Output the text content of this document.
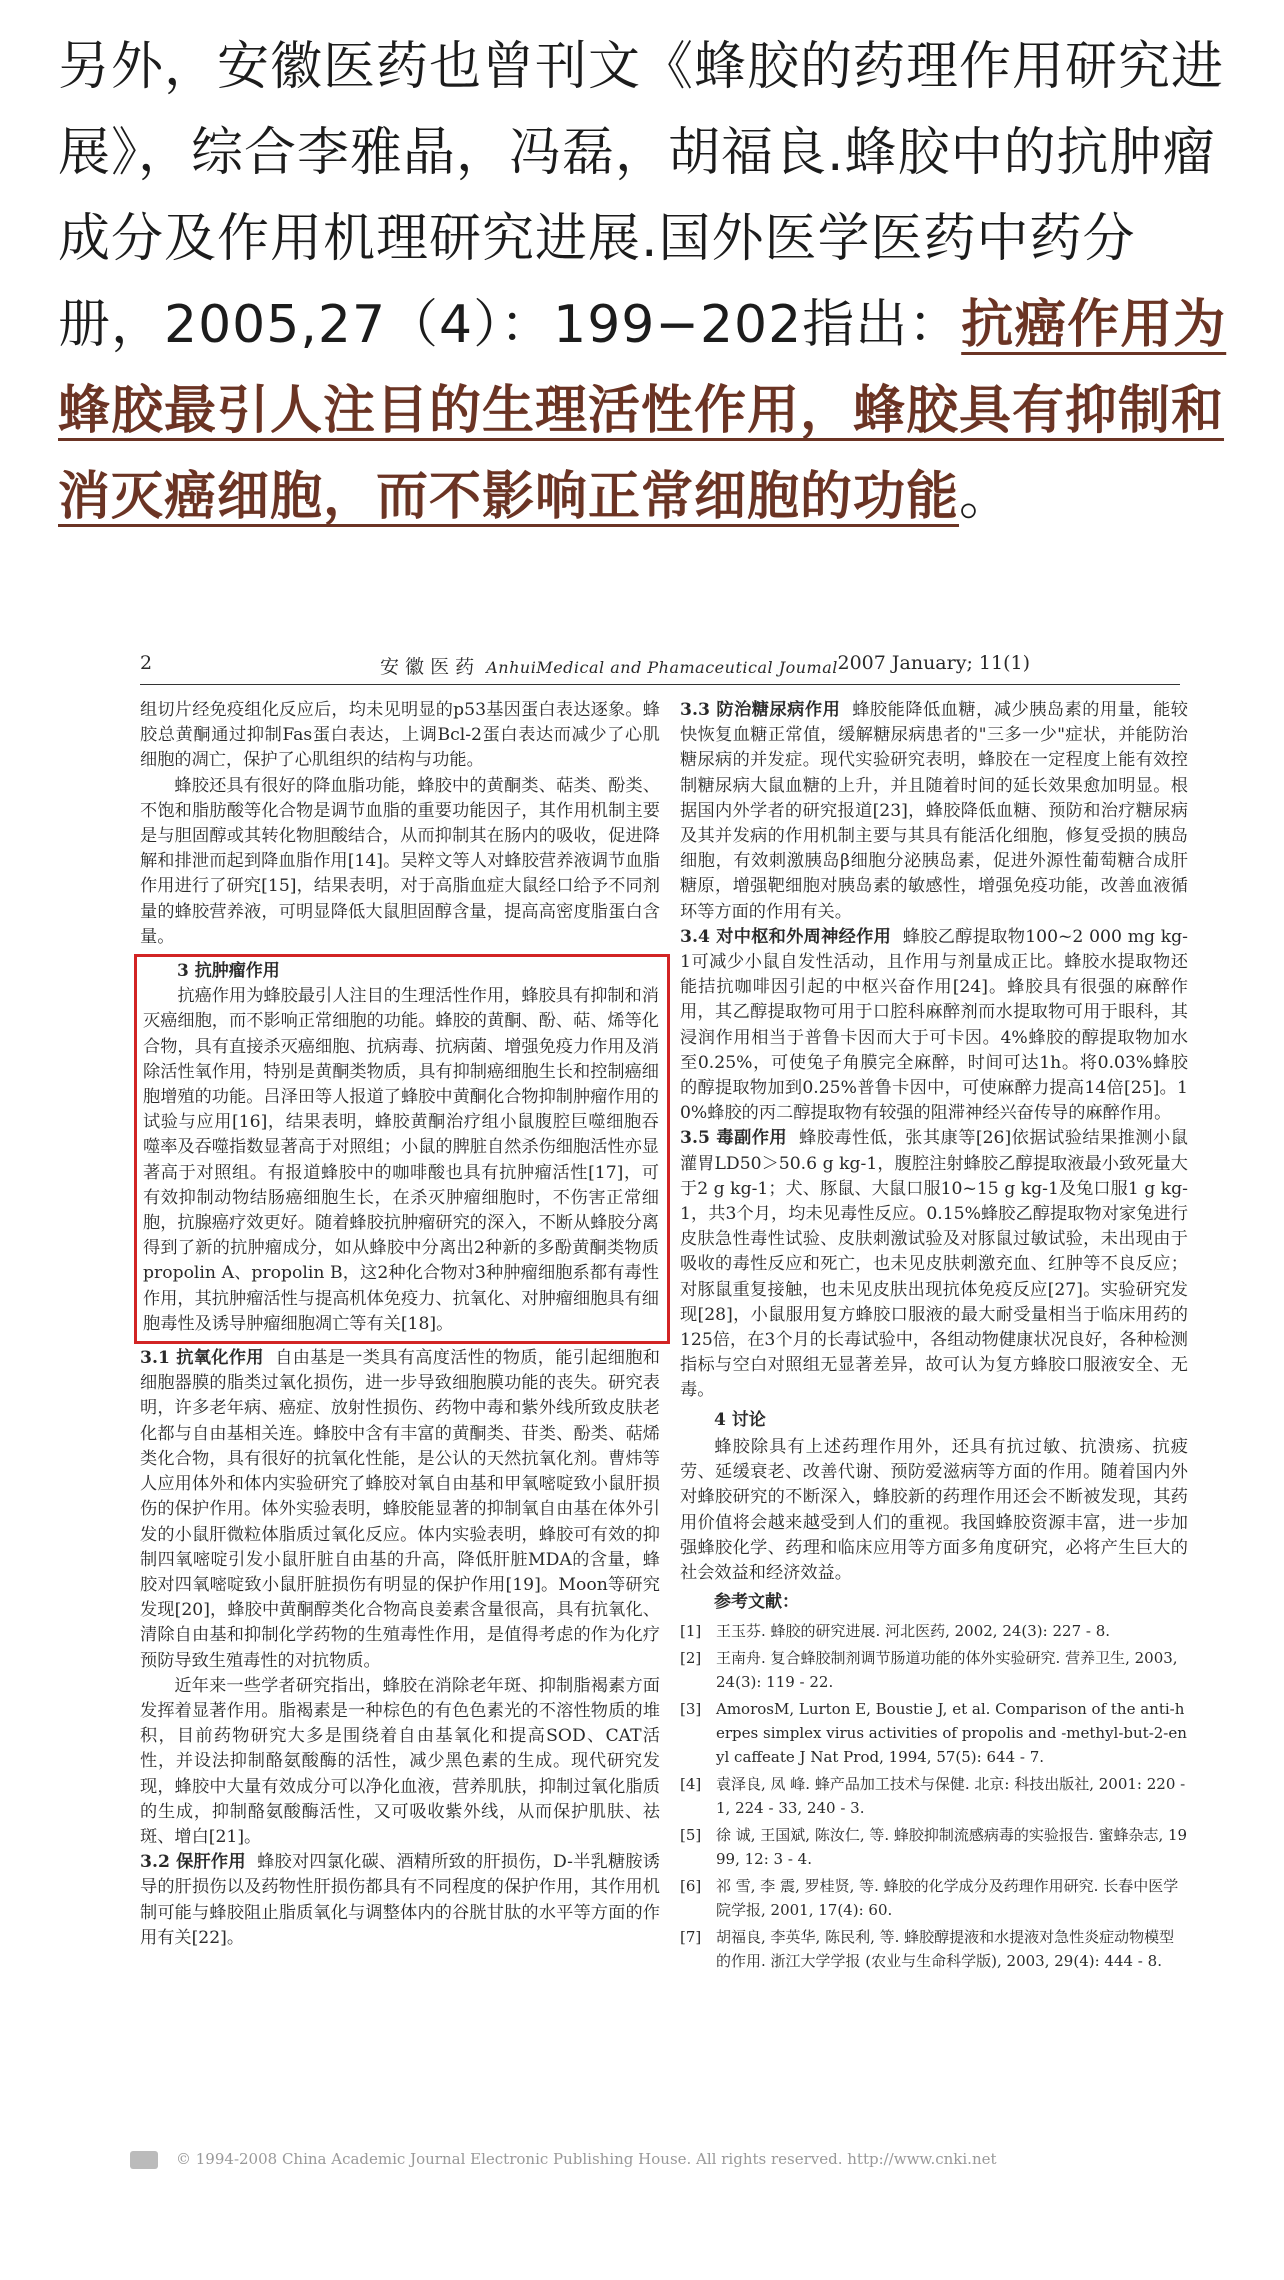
另外，安徽医药也曾刊文《蜂胶的药理作用研究进展》，综合李雅晶，冯磊，胡福良.蜂胶中的抗肿瘤成分及作用机理研究进展.国外医学医药中药分册，2005,27（4）：199−202指出：抗癌作用为蜂胶最引人注目的生理活性作用，蜂胶具有抑制和消灭癌细胞，而不影响正常细胞的功能。
2	安 徽 医 药 AnhuiMedical and Phamaceutical Joumal 2007 January; 11(1)

组切片经免疫组化反应后，均未见明显的p53基因蛋白表达逐象。蜂胶总黄酮通过抑制Fas蛋白表达，上调Bcl-2蛋白表达而减少了心肌细胞的凋亡，保护了心肌组织的结构与功能。

蜂胶还具有很好的降血脂功能，蜂胶中的黄酮类、萜类、酚类、不饱和脂肪酸等化合物是调节血脂的重要功能因子，其作用机制主要是与胆固醇或其转化物胆酸结合，从而抑制其在肠内的吸收，促进降解和排泄而起到降血脂作用[14]。吴粹文等人对蜂胶营养液调节血脂作用进行了研究[15]，结果表明，对于高脂血症大鼠经口给予不同剂量的蜂胶营养液，可明显降低大鼠胆固醇含量，提高高密度脂蛋白含量。

3 抗肿瘤作用

抗癌作用为蜂胶最引人注目的生理活性作用，蜂胶具有抑制和消灭癌细胞，而不影响正常细胞的功能。蜂胶的黄酮、酚、萜、烯等化合物，具有直接杀灭癌细胞、抗病毒、抗病菌、增强免疫力作用及消除活性氧作用，特别是黄酮类物质，具有抑制癌细胞生长和控制癌细胞增殖的功能。吕泽田等人报道了蜂胶中黄酮化合物抑制肿瘤作用的试验与应用[16]，结果表明，蜂胶黄酮治疗组小鼠腹腔巨噬细胞吞噬率及吞噬指数显著高于对照组；小鼠的脾脏自然杀伤细胞活性亦显著高于对照组。有报道蜂胶中的咖啡酸也具有抗肿瘤活性[17]，可有效抑制动物结肠癌细胞生长，在杀灭肿瘤细胞时，不伤害正常细胞，抗腺癌疗效更好。随着蜂胶抗肿瘤研究的深入，不断从蜂胶分离得到了新的抗肿瘤成分，如从蜂胶中分离出2种新的多酚黄酮类物质propolin A、propolin B，这2种化合物对3种肿瘤细胞系都有毒性作用，其抗肿瘤活性与提高机体免疫力、抗氧化、对肿瘤细胞具有细胞毒性及诱导肿瘤细胞凋亡等有关[18]。

3.1 抗氧化作用 自由基是一类具有高度活性的物质，能引起细胞和细胞器膜的脂类过氧化损伤，进一步导致细胞膜功能的丧失。研究表明，许多老年病、癌症、放射性损伤、药物中毒和紫外线所致皮肤老化都与自由基相关连。蜂胶中含有丰富的黄酮类、苷类、酚类、萜烯类化合物，具有很好的抗氧化性能，是公认的天然抗氧化剂。曹炜等人应用体外和体内实验研究了蜂胶对氧自由基和甲氧嘧啶致小鼠肝损伤的保护作用。体外实验表明，蜂胶能显著的抑制氧自由基在体外引发的小鼠肝微粒体脂质过氧化反应。体内实验表明，蜂胶可有效的抑制四氧嘧啶引发小鼠肝脏自由基的升高，降低肝脏MDA的含量，蜂胶对四氧嘧啶致小鼠肝脏损伤有明显的保护作用[19]。Moon等研究发现[20]，蜂胶中黄酮醇类化合物高良姜素含量很高，具有抗氧化、清除自由基和抑制化学药物的生殖毒性作用，是值得考虑的作为化疗预防导致生殖毒性的对抗物质。

近年来一些学者研究指出，蜂胶在消除老年斑、抑制脂褐素方面发挥着显著作用。脂褐素是一种棕色的有色色素光的不溶性物质的堆积，目前药物研究大多是围绕着自由基氧化和提高SOD、CAT活性，并设法抑制酪氨酸酶的活性，减少黑色素的生成。现代研究发现，蜂胶中大量有效成分可以净化血液，营养肌肤，抑制过氧化脂质的生成，抑制酪氨酸酶活性，又可吸收紫外线，从而保护肌肤、祛斑、增白[21]。

3.2 保肝作用 蜂胶对四氯化碳、酒精所致的肝损伤，D-半乳糖胺诱导的肝损伤以及药物性肝损伤都具有不同程度的保护作用，其作用机制可能与蜂胶阻止脂质氧化与调整体内的谷胱甘肽的水平等方面的作用有关[22]。

3.3 防治糖尿病作用 蜂胶能降低血糖，减少胰岛素的用量，能较快恢复血糖正常值，缓解糖尿病患者的"三多一少"症状，并能防治糖尿病的并发症。现代实验研究表明，蜂胶在一定程度上能有效控制糖尿病大鼠血糖的上升，并且随着时间的延长效果愈加明显。根据国内外学者的研究报道[23]，蜂胶降低血糖、预防和治疗糖尿病及其并发病的作用机制主要与其具有能活化细胞，修复受损的胰岛细胞，有效刺激胰岛β细胞分泌胰岛素，促进外源性葡萄糖合成肝糖原，增强靶细胞对胰岛素的敏感性，增强免疫功能，改善血液循环等方面的作用有关。

3.4 对中枢和外周神经作用 蜂胶乙醇提取物100~2 000 mg kg-1可减少小鼠自发性活动，且作用与剂量成正比。蜂胶水提取物还能拮抗咖啡因引起的中枢兴奋作用[24]。蜂胶具有很强的麻醉作用，其乙醇提取物可用于口腔科麻醉剂而水提取物可用于眼科，其浸润作用相当于普鲁卡因而大于可卡因。4%蜂胶的醇提取物加水至0.25%，可使兔子角膜完全麻醉，时间可达1h。将0.03%蜂胶的醇提取物加到0.25%普鲁卡因中，可使麻醉力提高14倍[25]。10%蜂胶的丙二醇提取物有较强的阻滞神经兴奋传导的麻醉作用。

3.5 毒副作用 蜂胶毒性低，张其康等[26]依据试验结果推测小鼠灌胃LD50＞50.6 g kg-1，腹腔注射蜂胶乙醇提取液最小致死量大于2 g kg-1；犬、豚鼠、大鼠口服10~15 g kg-1及兔口服1 g kg-1，共3个月，均未见毒性反应。0.15%蜂胶乙醇提取物对家兔进行皮肤急性毒性试验、皮肤刺激试验及对豚鼠过敏试验，未出现由于吸收的毒性反应和死亡，也未见皮肤刺激充血、红肿等不良反应；对豚鼠重复接触，也未见皮肤出现抗体免疫反应[27]。实验研究发现[28]，小鼠服用复方蜂胶口服液的最大耐受量相当于临床用药的125倍，在3个月的长毒试验中，各组动物健康状况良好，各种检测指标与空白对照组无显著差异，故可认为复方蜂胶口服液安全、无毒。

4 讨论

蜂胶除具有上述药理作用外，还具有抗过敏、抗溃疡、抗疲劳、延缓衰老、改善代谢、预防爱滋病等方面的作用。随着国内外对蜂胶研究的不断深入，蜂胶新的药理作用还会不断被发现，其药用价值将会越来越受到人们的重视。我国蜂胶资源丰富，进一步加强蜂胶化学、药理和临床应用等方面多角度研究，必将产生巨大的社会效益和经济效益。

参考文献：

[1] 王玉芬. 蜂胶的研究进展. 河北医药, 2002, 24(3): 227 - 8.
[2] 王南舟. 复合蜂胶制剂调节肠道功能的体外实验研究. 营养卫生, 2003, 24(3): 119 - 22.
[3] AmorosM, Lurton E, Boustie J, et al. Comparison of the anti-herpes simplex virus activities of propolis and -methyl-but-2-enyl caffeate J Nat Prod, 1994, 57(5): 644 - 7.
[4] 袁泽良, 凤 峰. 蜂产品加工技术与保健. 北京: 科技出版社, 2001: 220 - 1, 224 - 33, 240 - 3.
[5] 徐 诚, 王国斌, 陈汝仁, 等. 蜂胶抑制流感病毒的实验报告. 蜜蜂杂志, 1999, 12: 3 - 4.
[6] 祁 雪, 李 震, 罗桂贤, 等. 蜂胶的化学成分及药理作用研究. 长春中医学院学报, 2001, 17(4): 60.
[7] 胡福良, 李英华, 陈民利, 等. 蜂胶醇提液和水提液对急性炎症动物模型的作用. 浙江大学学报 (农业与生命科学版), 2003, 29(4): 444 - 8.
© 1994-2008 China Academic Journal Electronic Publishing House. All rights reserved. http://www.cnki.net
